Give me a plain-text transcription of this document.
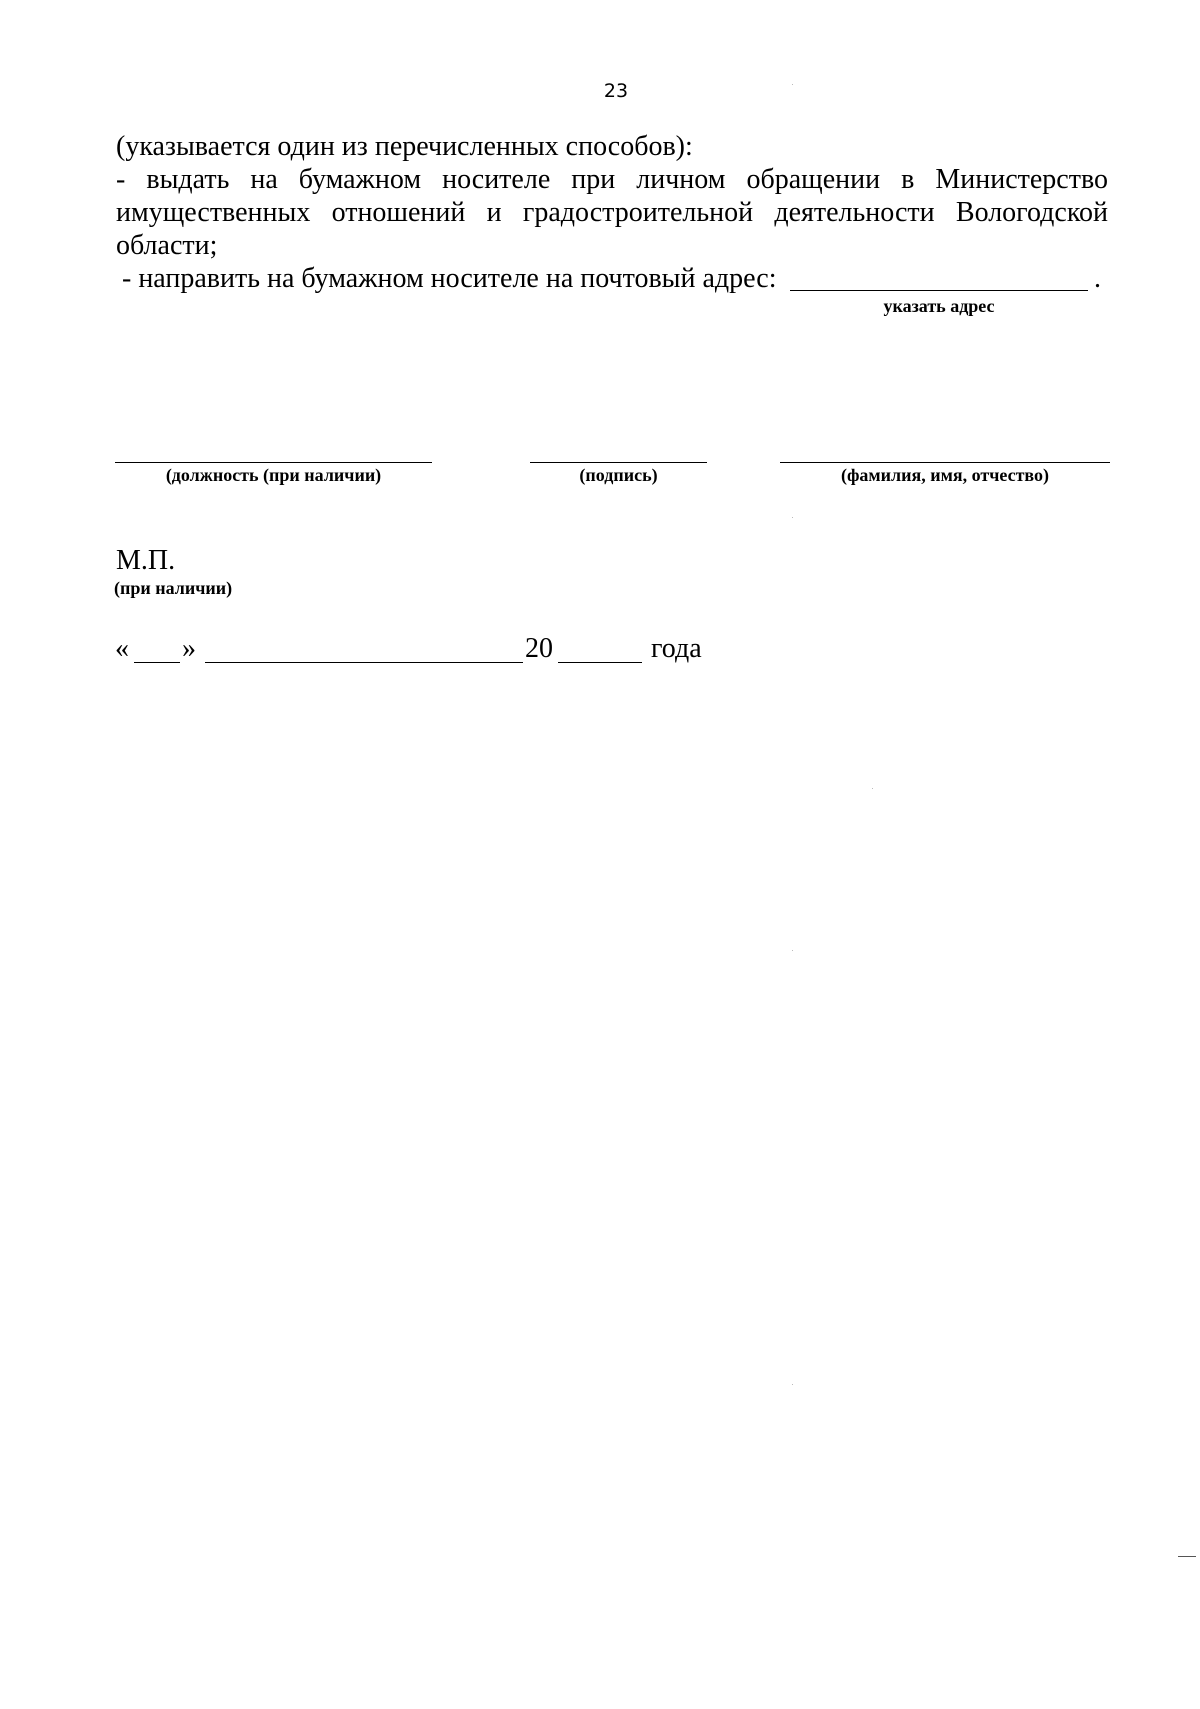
23
(указывается один из перечисленных способов):
- выдать на бумажном носителе при личном обращении в Министерство
имущественных отношений и градостроительной деятельности Вологодской
области;
- направить на бумажном носителе на почтовый адрес:	.
указать адрес
(должность (при наличии)	(подпись)	(фамилия, имя, отчество)
М.П.
(при наличии)
« »	20	года
